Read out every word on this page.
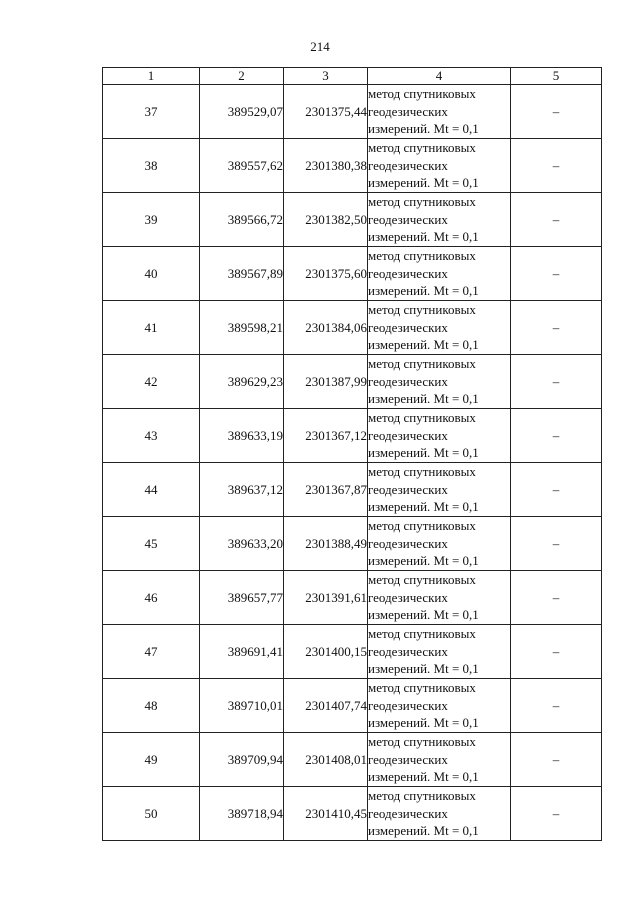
214
1	2	3	4	5
37	389529,07	2301375,44	метод спутниковых
геодезических
измерений. Mt = 0,1	–
38	389557,62	2301380,38	метод спутниковых
геодезических
измерений. Mt = 0,1	–
39	389566,72	2301382,50	метод спутниковых
геодезических
измерений. Mt = 0,1	–
40	389567,89	2301375,60	метод спутниковых
геодезических
измерений. Mt = 0,1	–
41	389598,21	2301384,06	метод спутниковых
геодезических
измерений. Mt = 0,1	–
42	389629,23	2301387,99	метод спутниковых
геодезических
измерений. Mt = 0,1	–
43	389633,19	2301367,12	метод спутниковых
геодезических
измерений. Mt = 0,1	–
44	389637,12	2301367,87	метод спутниковых
геодезических
измерений. Mt = 0,1	–
45	389633,20	2301388,49	метод спутниковых
геодезических
измерений. Mt = 0,1	–
46	389657,77	2301391,61	метод спутниковых
геодезических
измерений. Mt = 0,1	–
47	389691,41	2301400,15	метод спутниковых
геодезических
измерений. Mt = 0,1	–
48	389710,01	2301407,74	метод спутниковых
геодезических
измерений. Mt = 0,1	–
49	389709,94	2301408,01	метод спутниковых
геодезических
измерений. Mt = 0,1	–
50	389718,94	2301410,45	метод спутниковых
геодезических
измерений. Mt = 0,1	–
